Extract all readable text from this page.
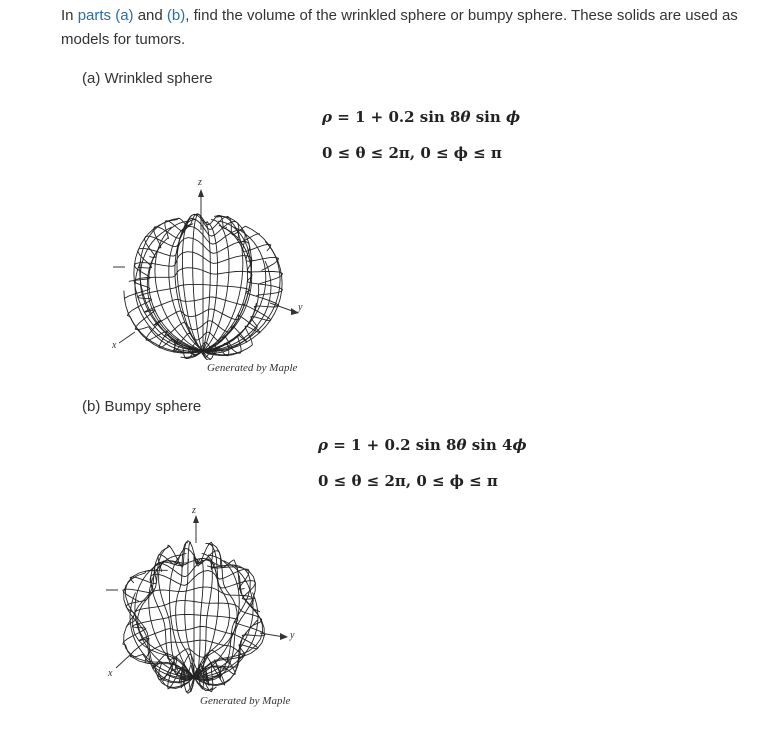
In parts (a) and (b), find the volume of the wrinkled sphere or bumpy sphere. These solids are used as models for tumors.
(a) Wrinkled sphere
ρ = 1 + 0.2 sin 8θ sin ϕ
0 ≤ θ ≤ 2π, 0 ≤ ϕ ≤ π
z
x
y
Generated by Maple
(b) Bumpy sphere
ρ = 1 + 0.2 sin 8θ sin 4ϕ
0 ≤ θ ≤ 2π, 0 ≤ ϕ ≤ π
z
x
y
Generated by Maple
